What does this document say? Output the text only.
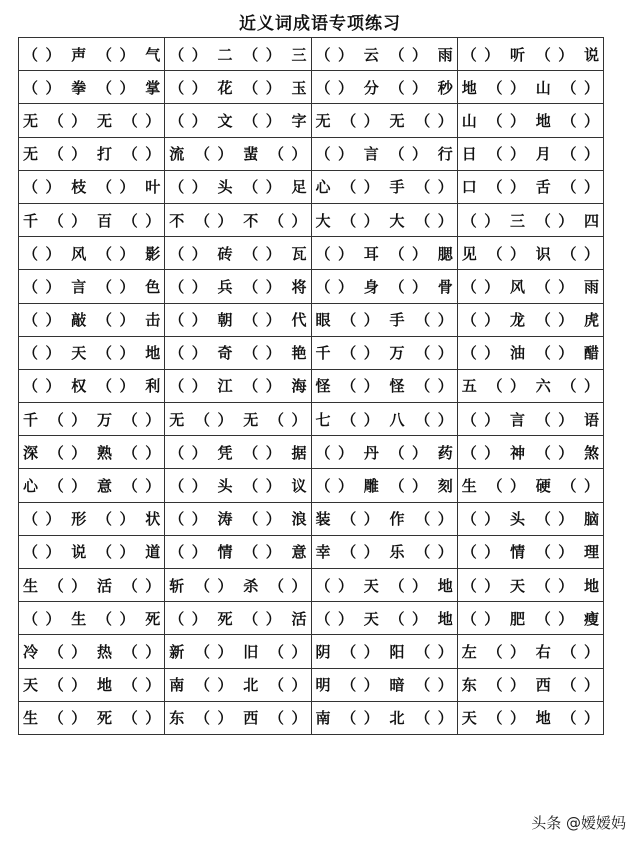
近义词成语专项练习
（ ） 声 （ ） 气	（ ） 二 （ ） 三	（ ） 云 （ ） 雨	（ ） 听 （ ） 说

（ ） 拳 （ ） 掌	（ ） 花 （ ） 玉	（ ） 分 （ ） 秒	地 （ ） 山 （ ）

无 （ ） 无 （ ）	（ ） 文 （ ） 字	无 （ ） 无 （ ）	山 （ ） 地 （ ）

无 （ ） 打 （ ）	流 （ ） 蜚 （ ）	（ ） 言 （ ） 行	日 （ ） 月 （ ）

（ ） 枝 （ ） 叶	（ ） 头 （ ） 足	心 （ ） 手 （ ）	口 （ ） 舌 （ ）

千 （ ） 百 （ ）	不 （ ） 不 （ ）	大 （ ） 大 （ ）	（ ） 三 （ ） 四

（ ） 风 （ ） 影	（ ） 砖 （ ） 瓦	（ ） 耳 （ ） 腮	见 （ ） 识 （ ）

（ ） 言 （ ） 色	（ ） 兵 （ ） 将	（ ） 身 （ ） 骨	（ ） 风 （ ） 雨

（ ） 敲 （ ） 击	（ ） 朝 （ ） 代	眼 （ ） 手 （ ）	（ ） 龙 （ ） 虎

（ ） 天 （ ） 地	（ ） 奇 （ ） 艳	千 （ ） 万 （ ）	（ ） 油 （ ） 醋

（ ） 权 （ ） 利	（ ） 江 （ ） 海	怪 （ ） 怪 （ ）	五 （ ） 六 （ ）

千 （ ） 万 （ ）	无 （ ） 无 （ ）	七 （ ） 八 （ ）	（ ） 言 （ ） 语

深 （ ） 熟 （ ）	（ ） 凭 （ ） 据	（ ） 丹 （ ） 药	（ ） 神 （ ） 煞

心 （ ） 意 （ ）	（ ） 头 （ ） 议	（ ） 雕 （ ） 刻	生 （ ） 硬 （ ）

（ ） 形 （ ） 状	（ ） 涛 （ ） 浪	装 （ ） 作 （ ）	（ ） 头 （ ） 脑

（ ） 说 （ ） 道	（ ） 情 （ ） 意	幸 （ ） 乐 （ ）	（ ） 情 （ ） 理

生 （ ） 活 （ ）	斩 （ ） 杀 （ ）	（ ） 天 （ ） 地	（ ） 天 （ ） 地

（ ） 生 （ ） 死	（ ） 死 （ ） 活	（ ） 天 （ ） 地	（ ） 肥 （ ） 瘦

冷 （ ） 热 （ ）	新 （ ） 旧 （ ）	阴 （ ） 阳 （ ）	左 （ ） 右 （ ）

天 （ ） 地 （ ）	南 （ ） 北 （ ）	明 （ ） 暗 （ ）	东 （ ） 西 （ ）

生 （ ） 死 （ ）	东 （ ） 西 （ ）	南 （ ） 北 （ ）	天 （ ） 地 （ ）
头条 @嫒嫒妈
